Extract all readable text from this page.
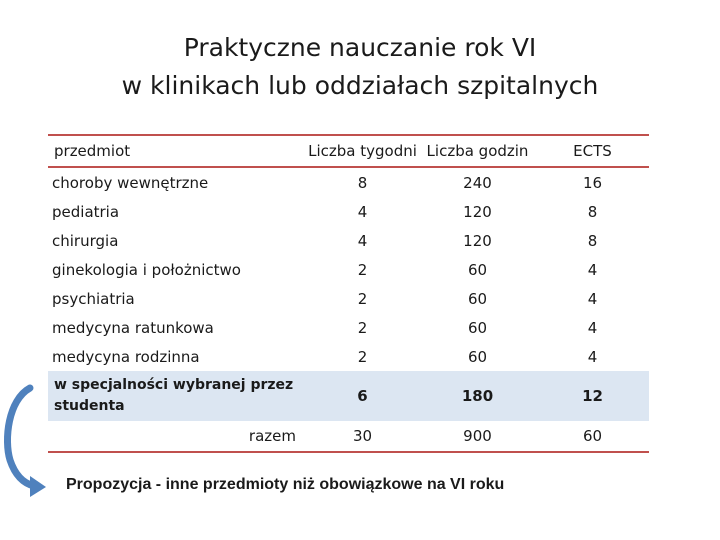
Praktyczne nauczanie rok VI
w klinikach lub oddziałach szpitalnych
przedmiot	Liczba tygodni	Liczba godzin	ECTS
choroby wewnętrzne	8	240	16
pediatria	4	120	8
chirurgia	4	120	8
ginekologia i położnictwo	2	60	4
psychiatria	2	60	4
medycyna ratunkowa	2	60	4
medycyna rodzinna	2	60	4
w specjalności wybranej przez studenta	6	180	12
razem	30	900	60
Propozycja - inne przedmioty niż obowiązkowe na VI roku
